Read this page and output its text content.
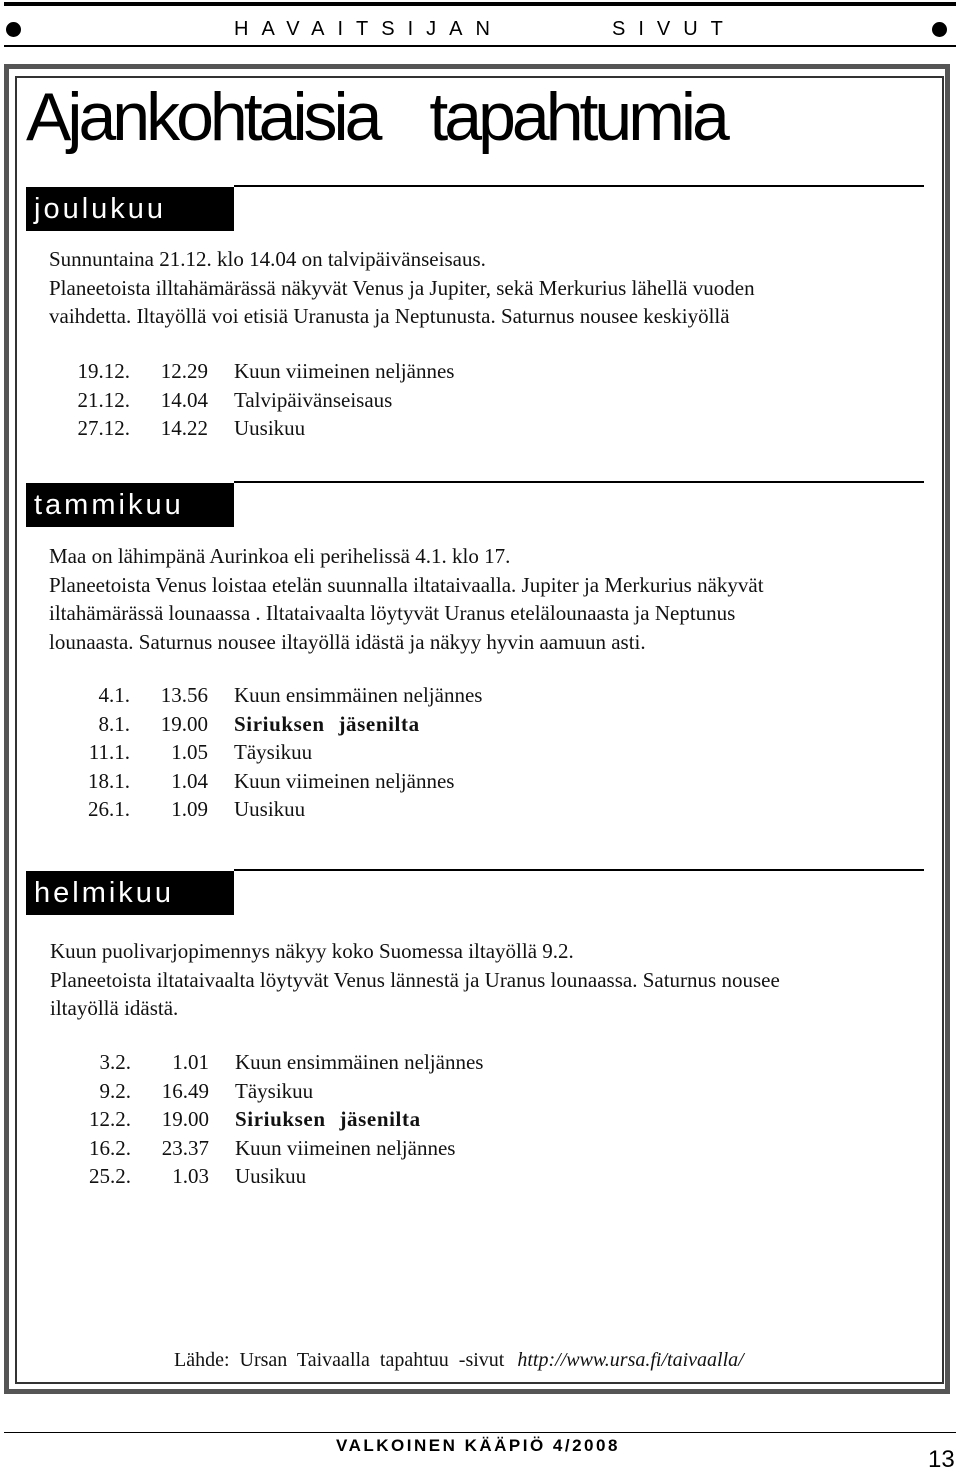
HAVAITSIJAN	SIVUT
Ajankohtaisia tapahtumia
joulukuu
Sunnuntaina 21.12. klo 14.04 on talvipäivänseisaus.
Planeetoista illtahämärässä näkyvät Venus ja Jupiter, sekä Merkurius lähellä vuoden
vaihdetta. Iltayöllä voi etisiä Uranusta ja Neptunusta. Saturnus nousee keskiyöllä
19.12. 12.29 Kuun viimeinen neljännes
21.12. 14.04 Talvipäivänseisaus
27.12. 14.22 Uusikuu
tammikuu
Maa on lähimpänä Aurinkoa eli perihelissä 4.1. klo 17.
Planeetoista Venus loistaa etelän suunnalla iltataivaalla. Jupiter ja Merkurius näkyvät
iltahämärässä lounaassa . Iltataivaalta löytyvät Uranus etelälounaasta ja Neptunus
lounaasta. Saturnus nousee iltayöllä idästä ja näkyy hyvin aamuun asti.
4.1. 13.56 Kuun ensimmäinen neljännes
8.1. 19.00 Siriuksen jäsenilta
11.1. 1.05 Täysikuu
18.1. 1.04 Kuun viimeinen neljännes
26.1. 1.09 Uusikuu
helmikuu
Kuun puolivarjopimennys näkyy koko Suomessa iltayöllä 9.2.
Planeetoista iltataivaalta löytyvät Venus lännestä ja Uranus lounaassa. Saturnus nousee
iltayöllä idästä.
3.2. 1.01 Kuun ensimmäinen neljännes
9.2. 16.49 Täysikuu
12.2. 19.00 Siriuksen jäsenilta
16.2. 23.37 Kuun viimeinen neljännes
25.2. 1.03 Uusikuu
Lähde: Ursan Taivaalla tapahtuu -sivut http://www.ursa.fi/taivaalla/
VALKOINEN KÄÄPIÖ 4/2008
13
